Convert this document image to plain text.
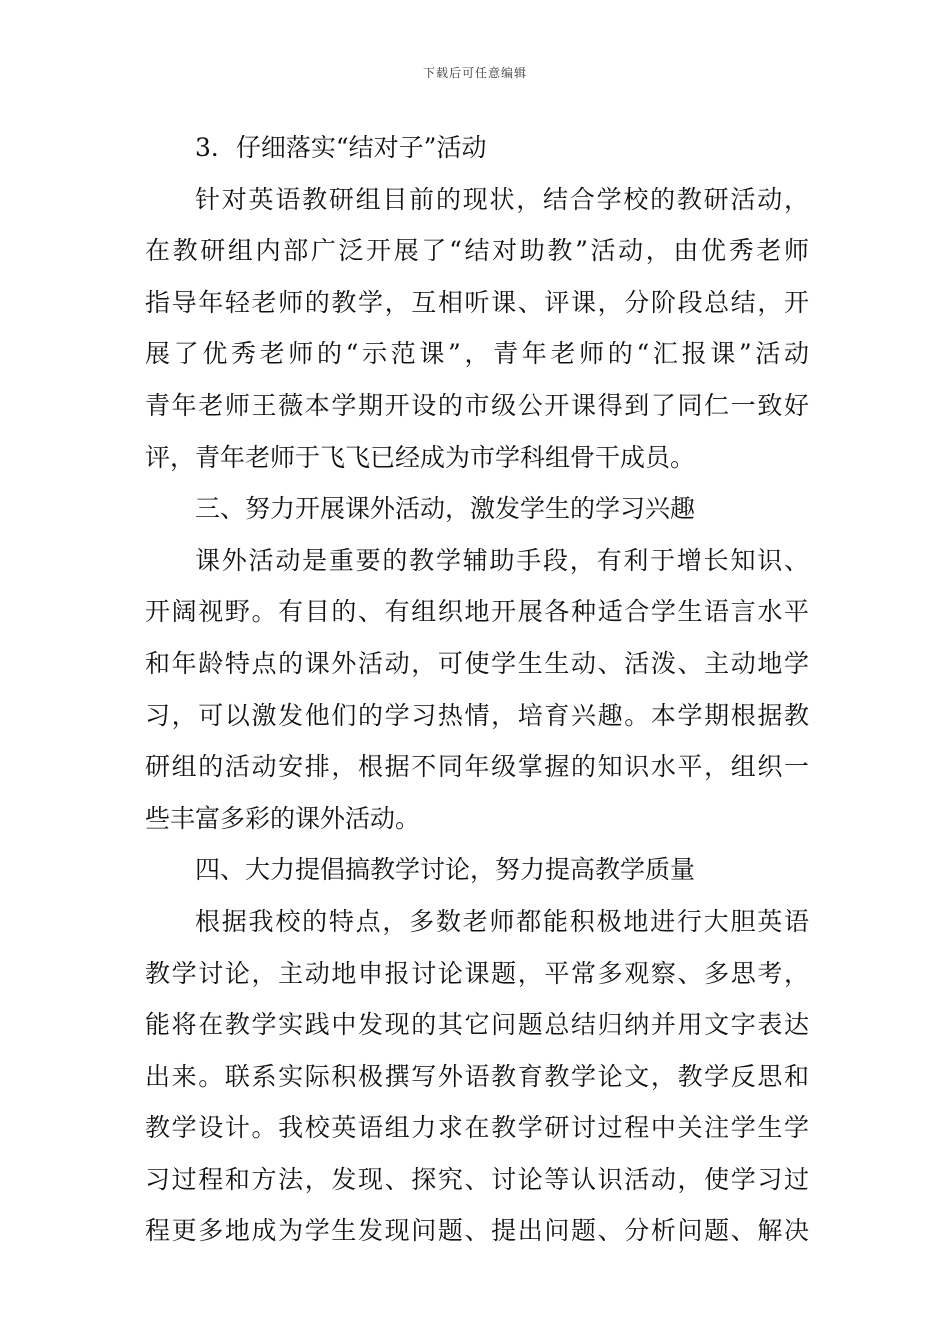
下载后可任意编辑
3．仔细落实“结对子”活动
针对英语教研组目前的现状，结合学校的教研活动，
在教研组内部广泛开展了“结对助教”活动，由优秀老师
指导年轻老师的教学，互相听课、评课，分阶段总结，开
展了优秀老师的“示范课”，青年老师的“汇报课”活动
青年老师王薇本学期开设的市级公开课得到了同仁一致好
评，青年老师于飞飞已经成为市学科组骨干成员。
三、努力开展课外活动，激发学生的学习兴趣
课外活动是重要的教学辅助手段，有利于增长知识、
开阔视野。有目的、有组织地开展各种适合学生语言水平
和年龄特点的课外活动，可使学生生动、活泼、主动地学
习，可以激发他们的学习热情，培育兴趣。本学期根据教
研组的活动安排，根据不同年级掌握的知识水平，组织一
些丰富多彩的课外活动。
四、大力提倡搞教学讨论，努力提高教学质量
根据我校的特点，多数老师都能积极地进行大胆英语
教学讨论，主动地申报讨论课题，平常多观察、多思考，
能将在教学实践中发现的其它问题总结归纳并用文字表达
出来。联系实际积极撰写外语教育教学论文，教学反思和
教学设计。我校英语组力求在教学研讨过程中关注学生学
习过程和方法，发现、探究、讨论等认识活动，使学习过
程更多地成为学生发现问题、提出问题、分析问题、解决
